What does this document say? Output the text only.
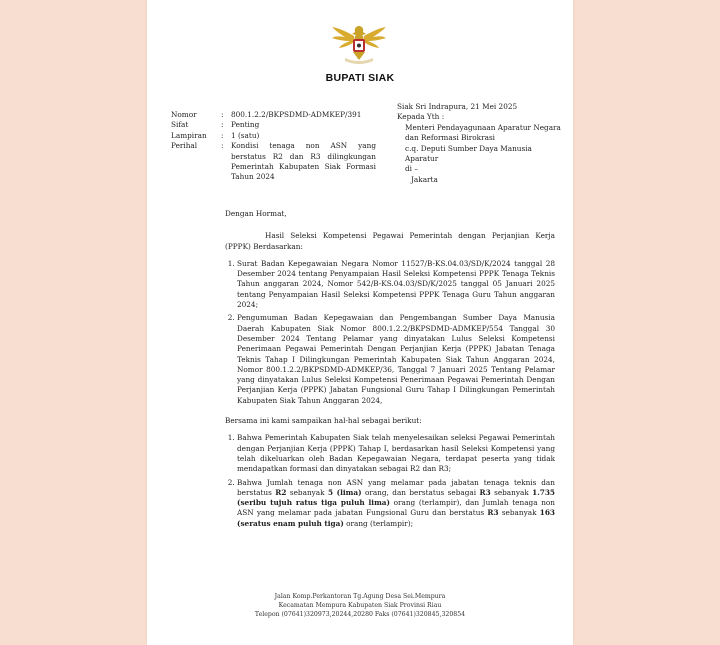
BUPATI SIAK
Nomor	:	800.1.2.2/BKPSDMD-ADMKEP/391
Sifat	:	Penting
Lampiran	:	1 (satu)
Perihal	:	Kondisi tenaga non ASN yang berstatus R2 dan R3 dilingkungan Pemerintah Kabupaten Siak Formasi Tahun 2024
Siak Sri Indrapura, 21 Mei 2025
Kepada Yth :
Menteri Pendayagunaan Aparatur Negara dan Reformasi Birokrasi
c.q. Deputi Sumber Daya Manusia Aparatur
di –
Jakarta

Dengan Hormat,

Hasil Seleksi Kompetensi Pegawai Pemerintah dengan Perjanjian Kerja (PPPK) Berdasarkan:

1. Surat Badan Kepegawaian Negara Nomor 11527/B-KS.04.03/SD/K/2024 tanggal 28 Desember 2024 tentang Penyampaian Hasil Seleksi Kompetensi PPPK Tenaga Teknis Tahun anggaran 2024, Nomor 542/B-KS.04.03/SD/K/2025 tanggal 05 Januari 2025 tentang Penyampaian Hasil Seleksi Kompetensi PPPK Tenaga Guru Tahun anggaran 2024;
2. Pengumuman Badan Kepegawaian dan Pengembangan Sumber Daya Manusia Daerah Kabupaten Siak Nomor 800.1.2.2/BKPSDMD-ADMKEP/554 Tanggal 30 Desember 2024 Tentang Pelamar yang dinyatakan Lulus Seleksi Kompetensi Penerimaan Pegawai Pemerintah Dengan Perjanjian Kerja (PPPK) Jabatan Tenaga Teknis Tahap I Dilingkungan Pemerintah Kabupaten Siak Tahun Anggaran 2024, Nomor 800.1.2.2/BKPSDMD-ADMKEP/36, Tanggal 7 Januari 2025 Tentang Pelamar yang dinyatakan Lulus Seleksi Kompetensi Penerimaan Pegawai Pemerintah Dengan Perjanjian Kerja (PPPK) Jabatan Fungsional Guru Tahap I Dilingkungan Pemerintah Kabupaten Siak Tahun Anggaran 2024,

Bersama ini kami sampaikan hal-hal sebagai berikut:

1. Bahwa Pemerintah Kabupaten Siak telah menyelesaikan seleksi Pegawai Pemerintah dengan Perjanjian Kerja (PPPK) Tahap I, berdasarkan hasil Seleksi Kompetensi yang telah dikeluarkan oleh Badan Kepegawaian Negara, terdapat peserta yang tidak mendapatkan formasi dan dinyatakan sebagai R2 dan R3;
2. Bahwa Jumlah tenaga non ASN yang melamar pada jabatan tenaga teknis dan berstatus R2 sebanyak 5 (lima) orang, dan berstatus sebagai R3 sebanyak 1.735 (seribu tujuh ratus tiga puluh lima) orang (terlampir), dan Jumlah tenaga non ASN yang melamar pada jabatan Fungsional Guru dan berstatus R3 sebanyak 163 (seratus enam puluh tiga) orang (terlampir);
Jalan Komp.Perkantoran Tg.Agung Desa Sei.Mempura
Kecamatan Mempura Kabupaten Siak Provinsi Riau
Telepon (07641)320973,20244,20280 Faks (07641)320845,320854
